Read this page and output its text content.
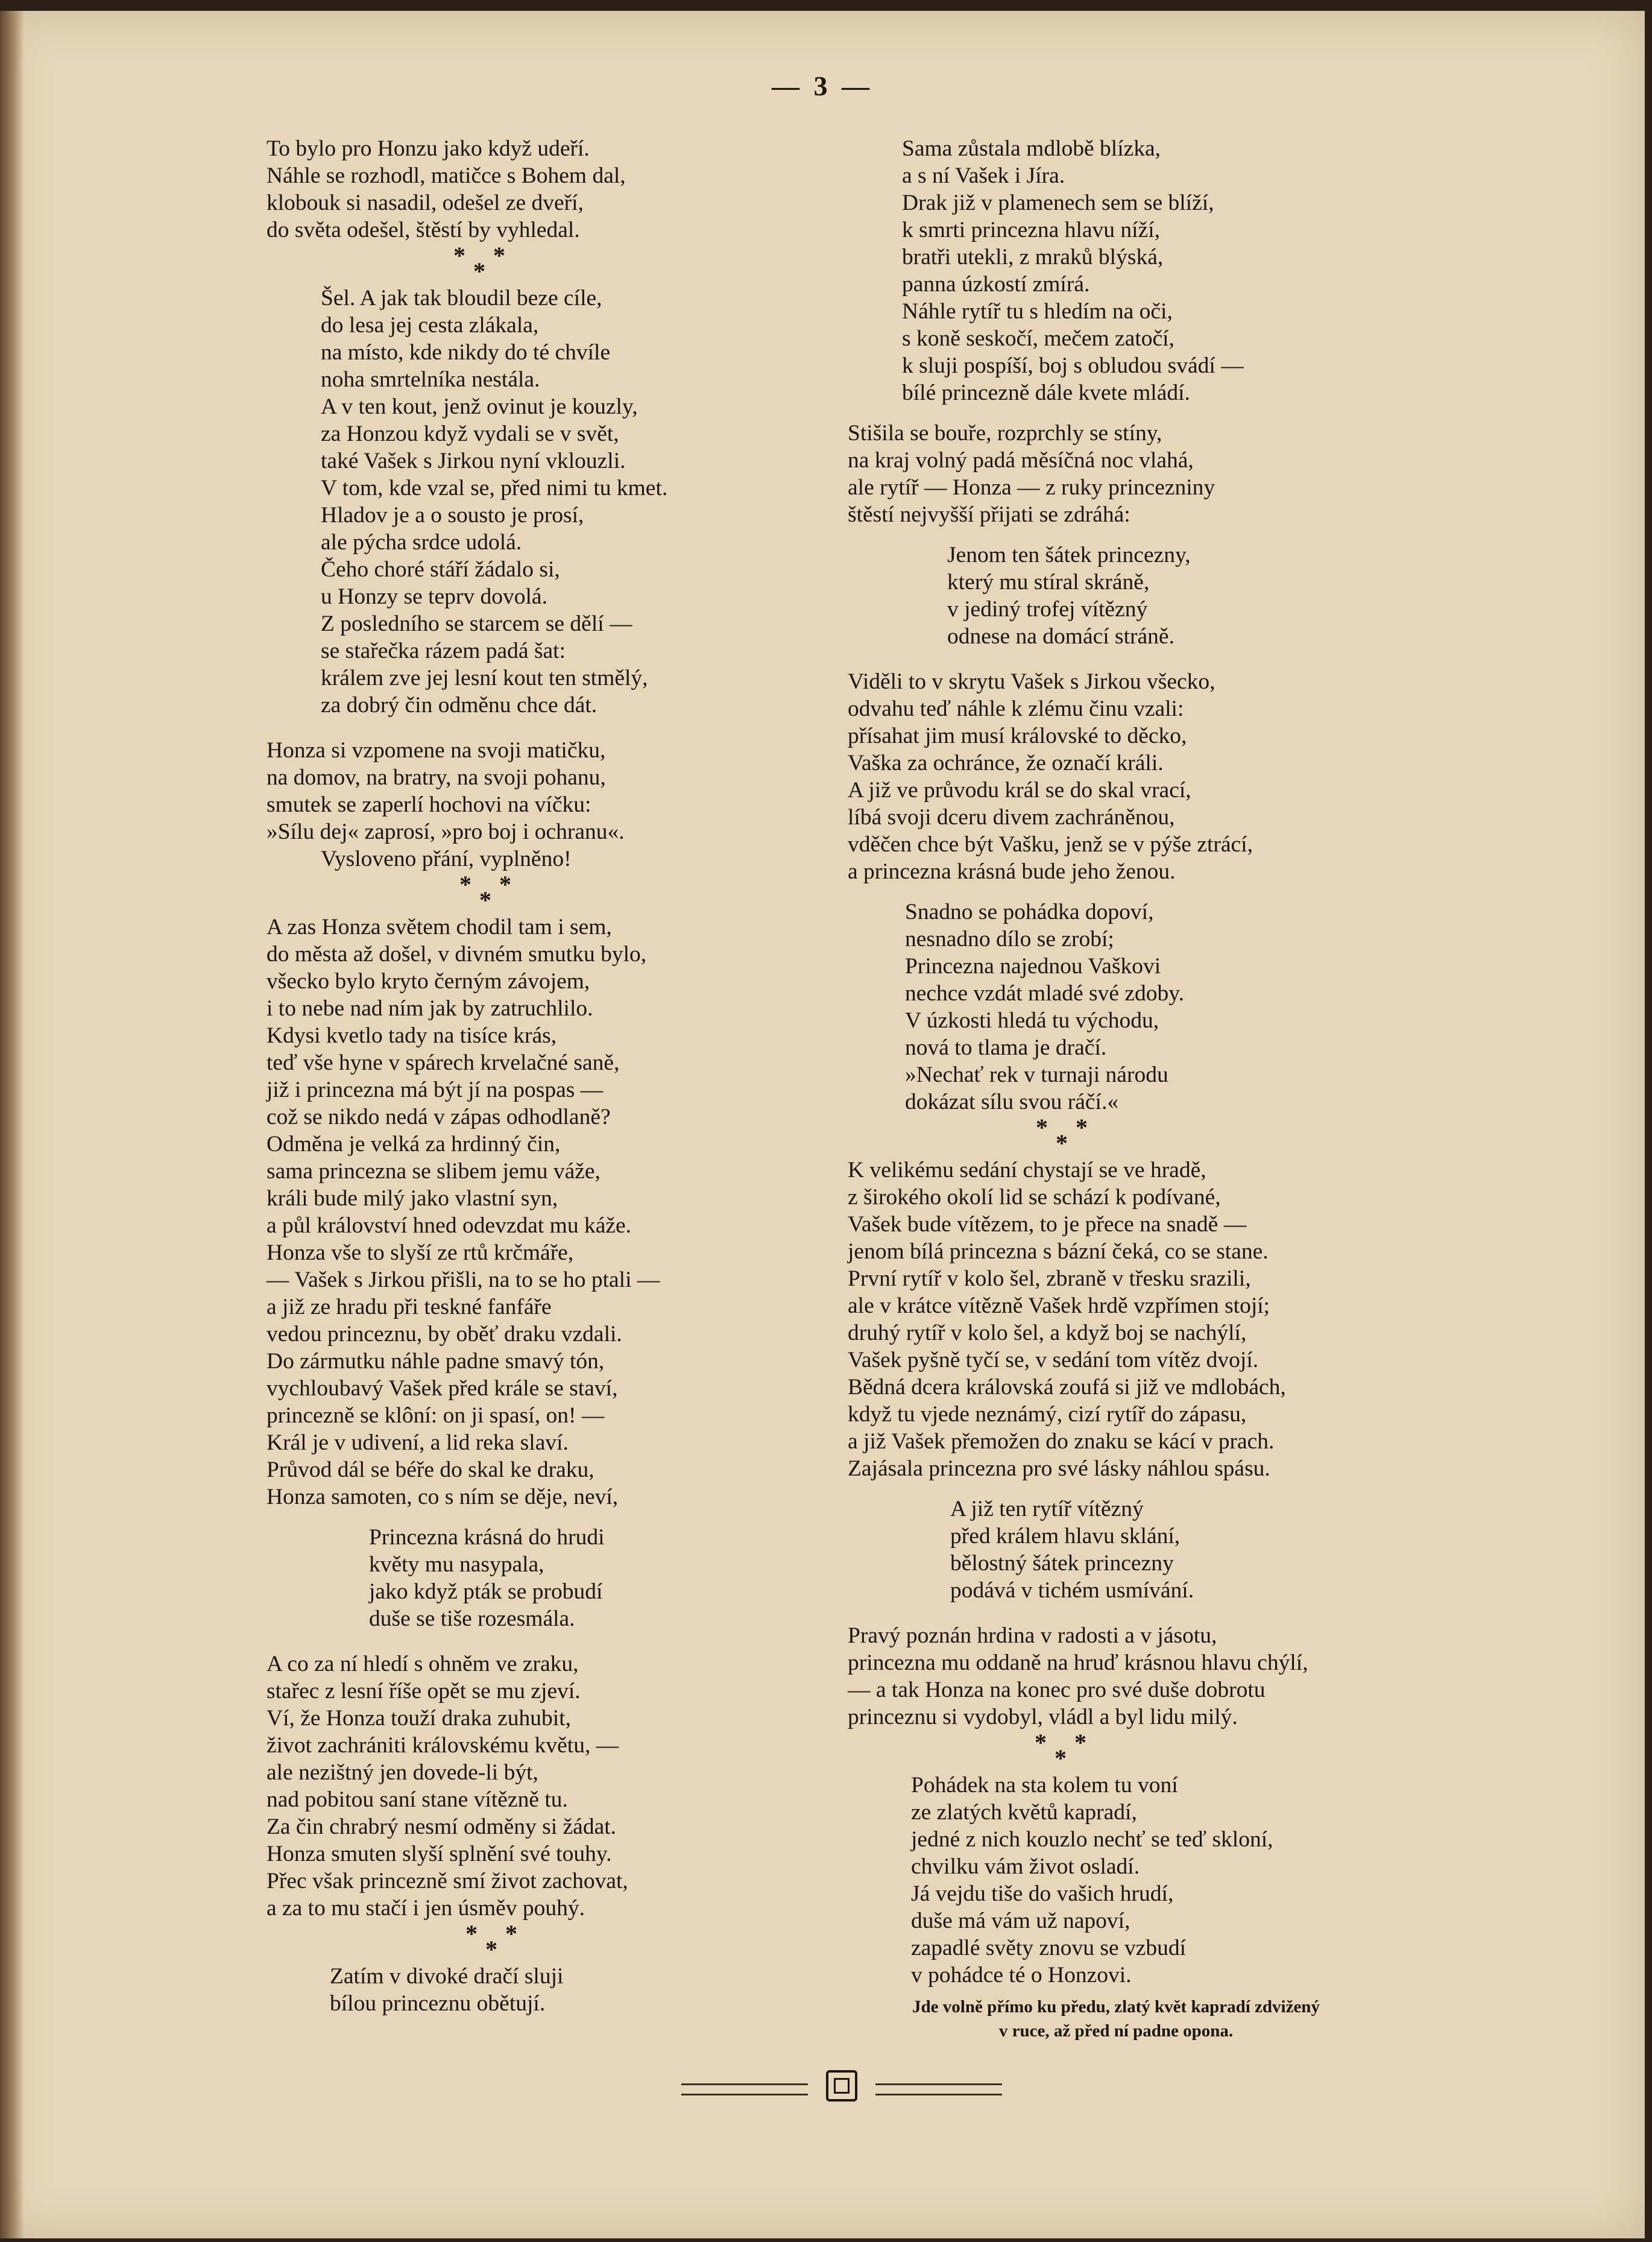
— 3 —
To bylo pro Honzu jako když udeří.
Náhle se rozhodl, matičce s Bohem dal,
klobouk si nasadil, odešel ze dveří,
do světa odešel, štěstí by vyhledal.
* *
*
Šel. A jak tak bloudil beze cíle,
do lesa jej cesta zlákala,
na místo, kde nikdy do té chvíle
noha smrtelníka nestála.
A v ten kout, jenž ovinut je kouzly,
za Honzou když vydali se v svět,
také Vašek s Jirkou nyní vklouzli.
V tom, kde vzal se, před nimi tu kmet.
Hladov je a o sousto je prosí,
ale pýcha srdce udolá.
Čeho choré stáří žádalo si,
u Honzy se teprv dovolá.
Z posledního se starcem se dělí —
se stařečka rázem padá šat:
králem zve jej lesní kout ten stmělý,
za dobrý čin odměnu chce dát.
Honza si vzpomene na svoji matičku,
na domov, na bratry, na svoji pohanu,
smutek se zaperlí hochovi na víčku:
»Sílu dej« zaprosí, »pro boj i ochranu«.
Vysloveno přání, vyplněno!
* *
*
A zas Honza světem chodil tam i sem,
do města až došel, v divném smutku bylo,
všecko bylo kryto černým závojem,
i to nebe nad ním jak by zatruchlilo.
Kdysi kvetlo tady na tisíce krás,
teď vše hyne v spárech krvelačné saně,
již i princezna má být jí na pospas —
což se nikdo nedá v zápas odhodlaně?
Odměna je velká za hrdinný čin,
sama princezna se slibem jemu váže,
králi bude milý jako vlastní syn,
a půl království hned odevzdat mu káže.
Honza vše to slyší ze rtů krčmáře,
— Vašek s Jirkou přišli, na to se ho ptali —
a již ze hradu při teskné fanfáře
vedou princeznu, by oběť draku vzdali.
Do zármutku náhle padne smavý tón,
vychloubavý Vašek před krále se staví,
princezně se klôní: on ji spasí, on! —
Král je v udivení, a lid reka slaví.
Průvod dál se béře do skal ke draku,
Honza samoten, co s ním se děje, neví,
Princezna krásná do hrudi
květy mu nasypala,
jako když pták se probudí
duše se tiše rozesmála.
A co za ní hledí s ohněm ve zraku,
stařec z lesní říše opět se mu zjeví.
Ví, že Honza touží draka zuhubit,
život zachrániti královskému květu, —
ale nezištný jen dovede-li být,
nad pobitou saní stane vítězně tu.
Za čin chrabrý nesmí odměny si žádat.
Honza smuten slyší splnění své touhy.
Přec však princezně smí život zachovat,
a za to mu stačí i jen úsměv pouhý.
* *
*
Zatím v divoké dračí sluji
bílou princeznu obětují.
Sama zůstala mdlobě blízka,
a s ní Vašek i Jíra.
Drak již v plamenech sem se blíží,
k smrti princezna hlavu níží,
bratři utekli, z mraků blýská,
panna úzkostí zmírá.
Náhle rytíř tu s hledím na oči,
s koně seskočí, mečem zatočí,
k sluji pospíší, boj s obludou svádí —
bílé princezně dále kvete mládí.
Stišila se bouře, rozprchly se stíny,
na kraj volný padá měsíčná noc vlahá,
ale rytíř — Honza — z ruky princezniny
štěstí nejvyšší přijati se zdráhá:
Jenom ten šátek princezny,
který mu stíral skráně,
v jediný trofej vítězný
odnese na domácí stráně.
Viděli to v skrytu Vašek s Jirkou všecko,
odvahu teď náhle k zlému činu vzali:
přísahat jim musí královské to děcko,
Vaška za ochránce, že označí králi.
A již ve průvodu král se do skal vrací,
líbá svoji dceru divem zachráněnou,
vděčen chce být Vašku, jenž se v pýše ztrácí,
a princezna krásná bude jeho ženou.
Snadno se pohádka dopoví,
nesnadno dílo se zrobí;
Princezna najednou Vaškovi
nechce vzdát mladé své zdoby.
V úzkosti hledá tu východu,
nová to tlama je dračí.
»Nechať rek v turnaji národu
dokázat sílu svou ráčí.«
* *
*
K velikému sedání chystají se ve hradě,
z širokého okolí lid se schází k podívané,
Vašek bude vítězem, to je přece na snadě —
jenom bílá princezna s bázní čeká, co se stane.
První rytíř v kolo šel, zbraně v třesku srazili,
ale v krátce vítězně Vašek hrdě vzpřímen stojí;
druhý rytíř v kolo šel, a když boj se nachýlí,
Vašek pyšně tyčí se, v sedání tom vítěz dvojí.
Bědná dcera královská zoufá si již ve mdlobách,
když tu vjede neznámý, cizí rytíř do zápasu,
a již Vašek přemožen do znaku se kácí v prach.
Zajásala princezna pro své lásky náhlou spásu.
A již ten rytíř vítězný
před králem hlavu sklání,
bělostný šátek princezny
podává v tichém usmívání.
Pravý poznán hrdina v radosti a v jásotu,
princezna mu oddaně na hruď krásnou hlavu chýlí,
— a tak Honza na konec pro své duše dobrotu
princeznu si vydobyl, vládl a byl lidu milý.
* *
*
Pohádek na sta kolem tu voní
ze zlatých květů kapradí,
jedné z nich kouzlo nechť se teď skloní,
chvilku vám život osladí.
Já vejdu tiše do vašich hrudí,
duše má vám už napoví,
zapadlé světy znovu se vzbudí
v pohádce té o Honzovi.
Jde volně přímo ku předu, zlatý květ kapradí zdvižený
v ruce, až před ní padne opona.
